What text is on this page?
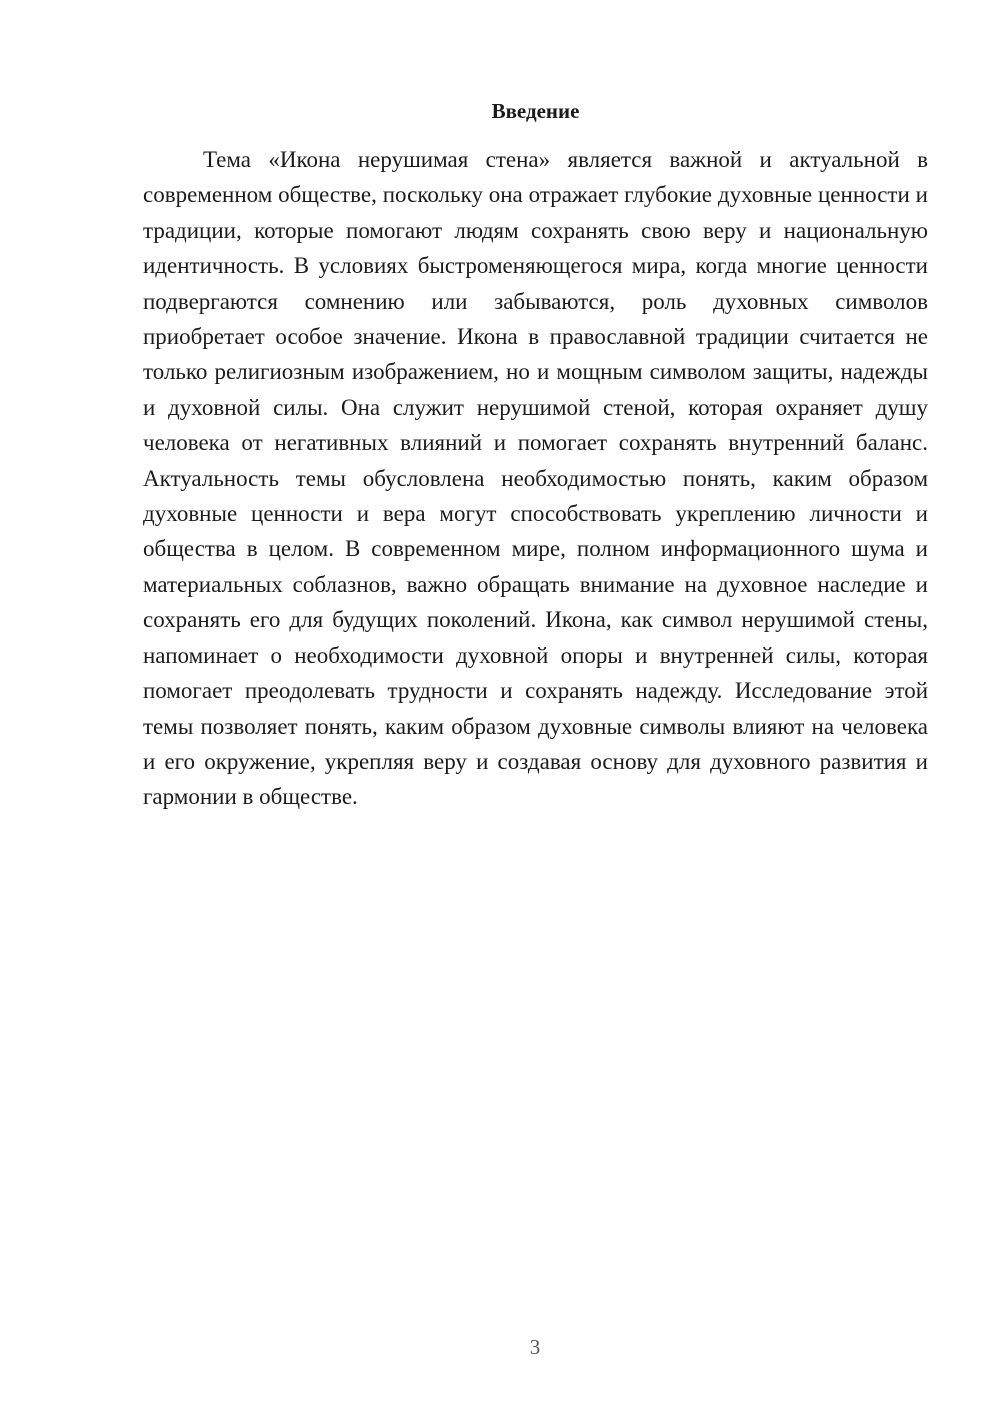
Введение

Тема «Икона нерушимая стена» является важной и актуальной в современном обществе, поскольку она отражает глубокие духовные ценности и традиции, которые помогают людям сохранять свою веру и национальную идентичность. В условиях быстроменяющегося мира, когда многие ценности подвергаются сомнению или забываются, роль духовных символов приобретает особое значение. Икона в православной традиции считается не только религиозным изображением, но и мощным символом защиты, надежды и духовной силы. Она служит нерушимой стеной, которая охраняет душу человека от негативных влияний и помогает сохранять внутренний баланс. Актуальность темы обусловлена необходимостью понять, каким образом духовные ценности и вера могут способствовать укреплению личности и общества в целом. В современном мире, полном информационного шума и материальных соблазнов, важно обращать внимание на духовное наследие и сохранять его для будущих поколений. Икона, как символ нерушимой стены, напоминает о необходимости духовной опоры и внутренней силы, которая помогает преодолевать трудности и сохранять надежду. Исследование этой темы позволяет понять, каким образом духовные символы влияют на человека и его окружение, укрепляя веру и создавая основу для духовного развития и гармонии в обществе.

3
